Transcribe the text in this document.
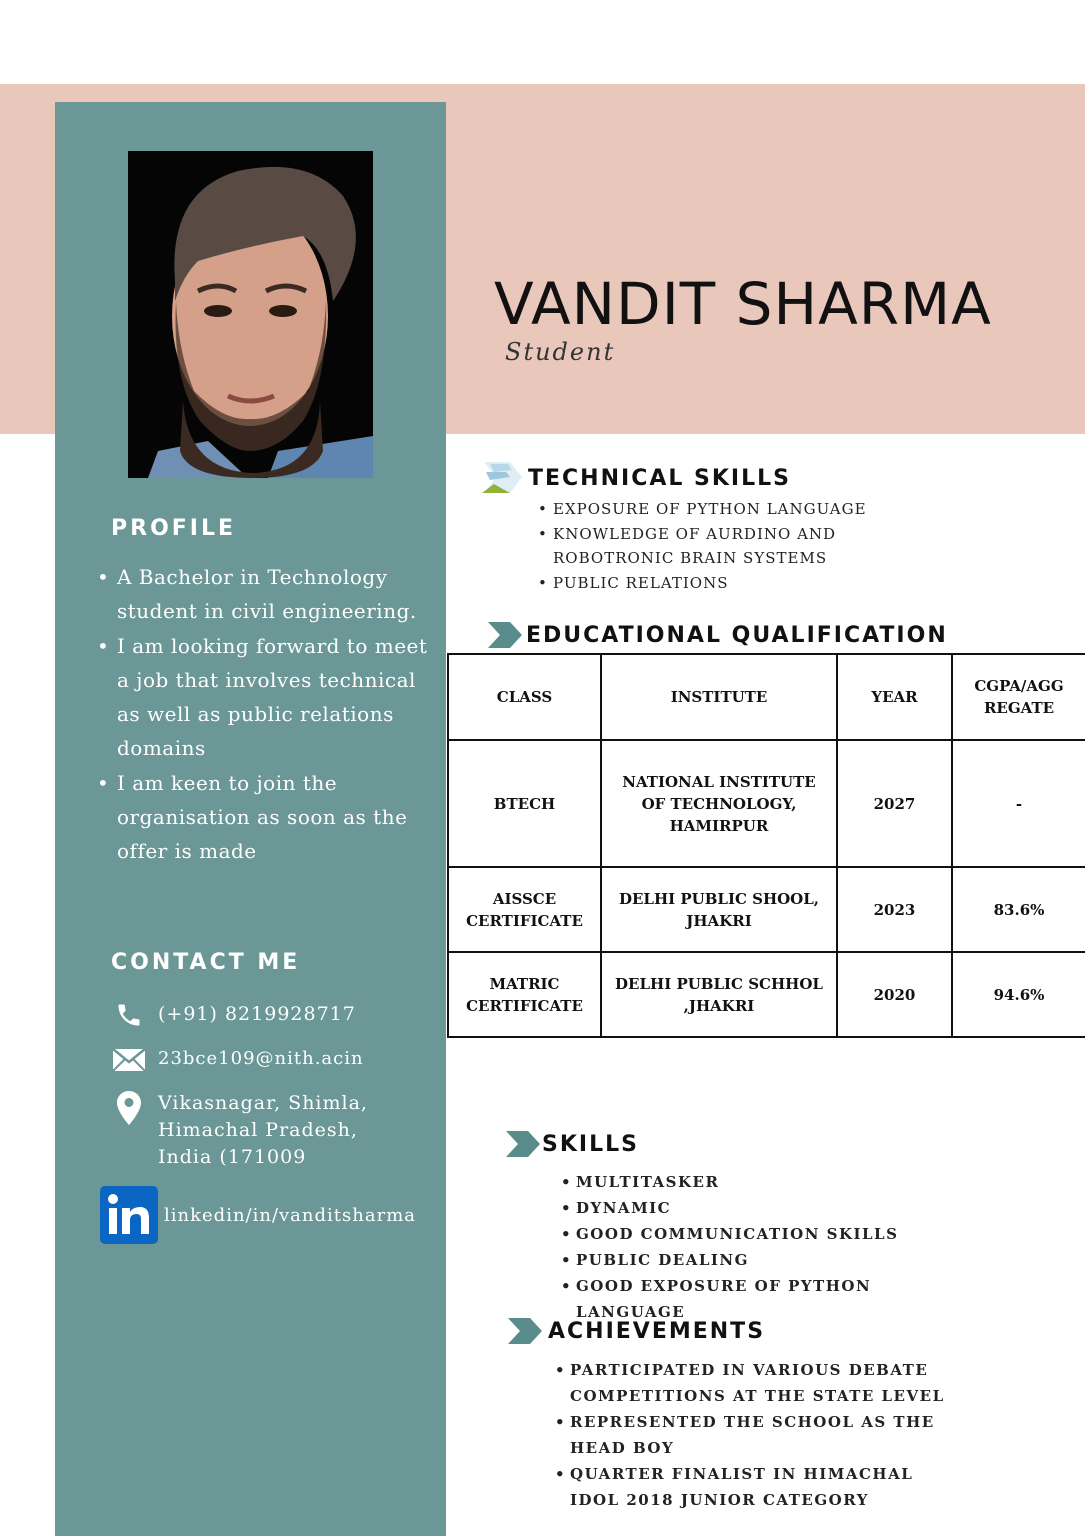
VANDIT SHARMA
Student
PROFILE
• A Bachelor in Technology student in civil engineering.
• I am looking forward to meet a job that involves technical as well as public relations domains
• I am keen to join the organisation as soon as the offer is made
CONTACT ME
(+91) 8219928717
23bce109@nith.acin
Vikasnagar, Shimla, Himachal Pradesh, India (171009
linkedin/in/vanditsharma
TECHNICAL SKILLS
• EXPOSURE OF PYTHON LANGUAGE
• KNOWLEDGE OF AURDINO AND ROBOTRONIC BRAIN SYSTEMS
• PUBLIC RELATIONS
EDUCATIONAL QUALIFICATION
CLASS	INSTITUTE	YEAR	CGPA/AGG REGATE
BTECH	NATIONAL INSTITUTE OF TECHNOLOGY, HAMIRPUR	2027	-
AISSCE CERTIFICATE	DELHI PUBLIC SHOOL, JHAKRI	2023	83.6%
MATRIC CERTIFICATE	DELHI PUBLIC SCHHOL ,JHAKRI	2020	94.6%
SKILLS
• MULTITASKER
• DYNAMIC
• GOOD COMMUNICATION SKILLS
• PUBLIC DEALING
• GOOD EXPOSURE OF PYTHON LANGUAGE
ACHIEVEMENTS
• PARTICIPATED IN VARIOUS DEBATE COMPETITIONS AT THE STATE LEVEL
• REPRESENTED THE SCHOOL AS THE HEAD BOY
• QUARTER FINALIST IN HIMACHAL IDOL 2018 JUNIOR CATEGORY
